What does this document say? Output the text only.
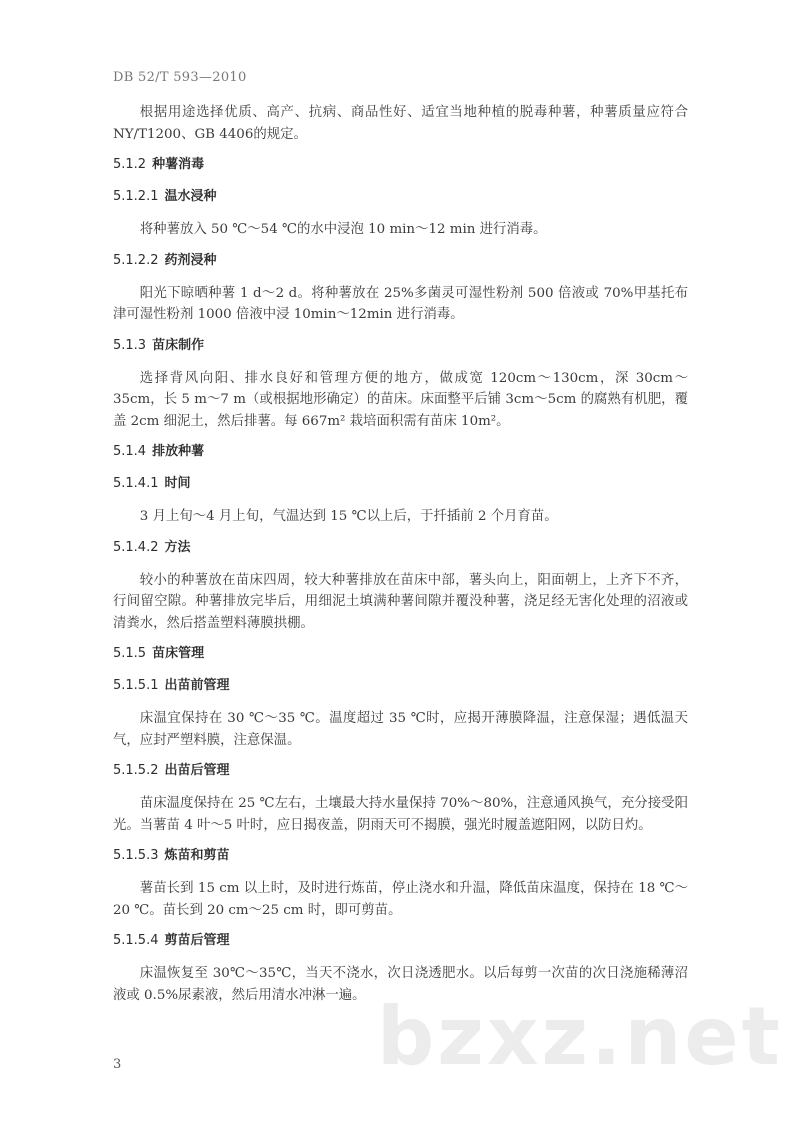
DB 52/T 593—2010

根据用途选择优质、高产、抗病、商品性好、适宜当地种植的脱毒种薯，种薯质量应符合NY/T1200、GB 4406的规定。

5.1.2 种薯消毒
5.1.2.1 温水浸种

将种薯放入 50 ℃～54 ℃的水中浸泡 10 min～12 min 进行消毒。

5.1.2.2 药剂浸种

阳光下晾晒种薯 1 d～2 d。将种薯放在 25%多菌灵可湿性粉剂 500 倍液或 70%甲基托布津可湿性粉剂 1000 倍液中浸 10min～12min 进行消毒。

5.1.3 苗床制作

选择背风向阳、排水良好和管理方便的地方，做成宽 120cm～130cm，深 30cm～35cm，长 5 m～7 m（或根据地形确定）的苗床。床面整平后铺 3cm～5cm 的腐熟有机肥，覆盖 2cm 细泥土，然后排薯。每 667m² 栽培面积需有苗床 10m²。

5.1.4 排放种薯
5.1.4.1 时间

3 月上旬～4 月上旬，气温达到 15 ℃以上后，于扦插前 2 个月育苗。

5.1.4.2 方法

较小的种薯放在苗床四周，较大种薯排放在苗床中部，薯头向上，阳面朝上，上齐下不齐，行间留空隙。种薯排放完毕后，用细泥土填满种薯间隙并覆没种薯，浇足经无害化处理的沼液或清粪水，然后搭盖塑料薄膜拱棚。

5.1.5 苗床管理
5.1.5.1 出苗前管理

床温宜保持在 30 ℃～35 ℃。温度超过 35 ℃时，应揭开薄膜降温，注意保湿；遇低温天气，应封严塑料膜，注意保温。

5.1.5.2 出苗后管理

苗床温度保持在 25 ℃左右，土壤最大持水量保持 70%～80%，注意通风换气，充分接受阳光。当薯苗 4 叶～5 叶时，应日揭夜盖，阴雨天可不揭膜，强光时履盖遮阳网，以防日灼。

5.1.5.3 炼苗和剪苗

薯苗长到 15 cm 以上时，及时进行炼苗，停止浇水和升温，降低苗床温度，保持在 18 ℃～20 ℃。苗长到 20 cm～25 cm 时，即可剪苗。

5.1.5.4 剪苗后管理

床温恢复至 30℃～35℃，当天不浇水，次日浇透肥水。以后每剪一次苗的次日浇施稀薄沼液或 0.5%尿素液，然后用清水冲淋一遍。 bzxz.net
3
